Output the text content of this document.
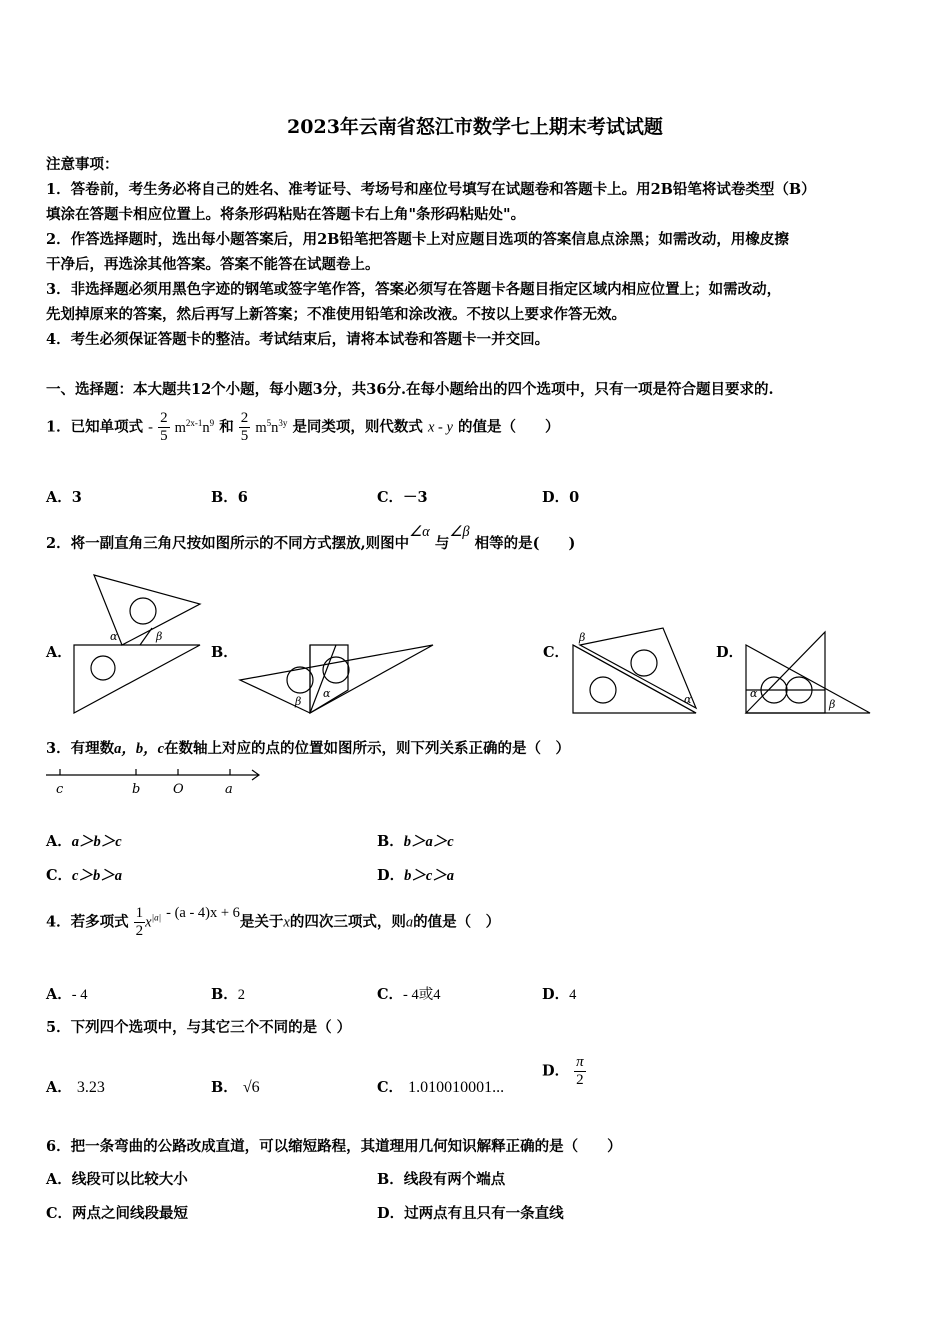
2023年云南省怒江市数学七上期末考试试题
注意事项：
1．答卷前，考生务必将自己的姓名、准考证号、考场号和座位号填写在试题卷和答题卡上。用2B铅笔将试卷类型（B）
填涂在答题卡相应位置上。将条形码粘贴在答题卡右上角"条形码粘贴处"。
2．作答选择题时，选出每小题答案后，用2B铅笔把答题卡上对应题目选项的答案信息点涂黑；如需改动，用橡皮擦
干净后，再选涂其他答案。答案不能答在试题卷上。
3．非选择题必须用黑色字迹的钢笔或签字笔作答，答案必须写在答题卡各题目指定区域内相应位置上；如需改动，
先划掉原来的答案，然后再写上新答案；不准使用铅笔和涂改液。不按以上要求作答无效。
4．考生必须保证答题卡的整洁。考试结束后，请将本试卷和答题卡一并交回。
一、选择题：本大题共12个小题，每小题3分，共36分.在每小题给出的四个选项中，只有一项是符合题目要求的.
1．已知单项式 - $\frac{2}{5} m^{2x-1}n^9$ 和 $\frac{2}{5} m^5n^{3y}$ 是同类项，则代数式 x - y 的值是（　　）
A．3	B．6	C．－3	D．0
2．将一副直角三角尺按如图所示的不同方式摆放,则图中∠α 与∠β 相等的是(　　)
A．	B．	C．	D．
α	β
β
α
β
α	α
β
c	b	O	a
3．有理数a，b，c在数轴上对应的点的位置如图所示，则下列关系正确的是（　）
A．a＞b＞c	B．b＞a＞c
C．c＞b＞a	D．b＞c＞a
4．若多项式 $\frac{1}{2} x^{|a|} - (a - 4)x + 6$是关于x的四次三项式，则a的值是（　）
A．- 4	B．2	C．- 4或4	D．4
5．下列四个选项中，与其它三个不同的是（ ）
A． 3.23	B． √6	C． 1.010010001...
D． $\frac{\pi}{2}$
6．把一条弯曲的公路改成直道，可以缩短路程，其道理用几何知识解释正确的是（　　）
A．线段可以比较大小	B．线段有两个端点
C．两点之间线段最短	D．过两点有且只有一条直线
